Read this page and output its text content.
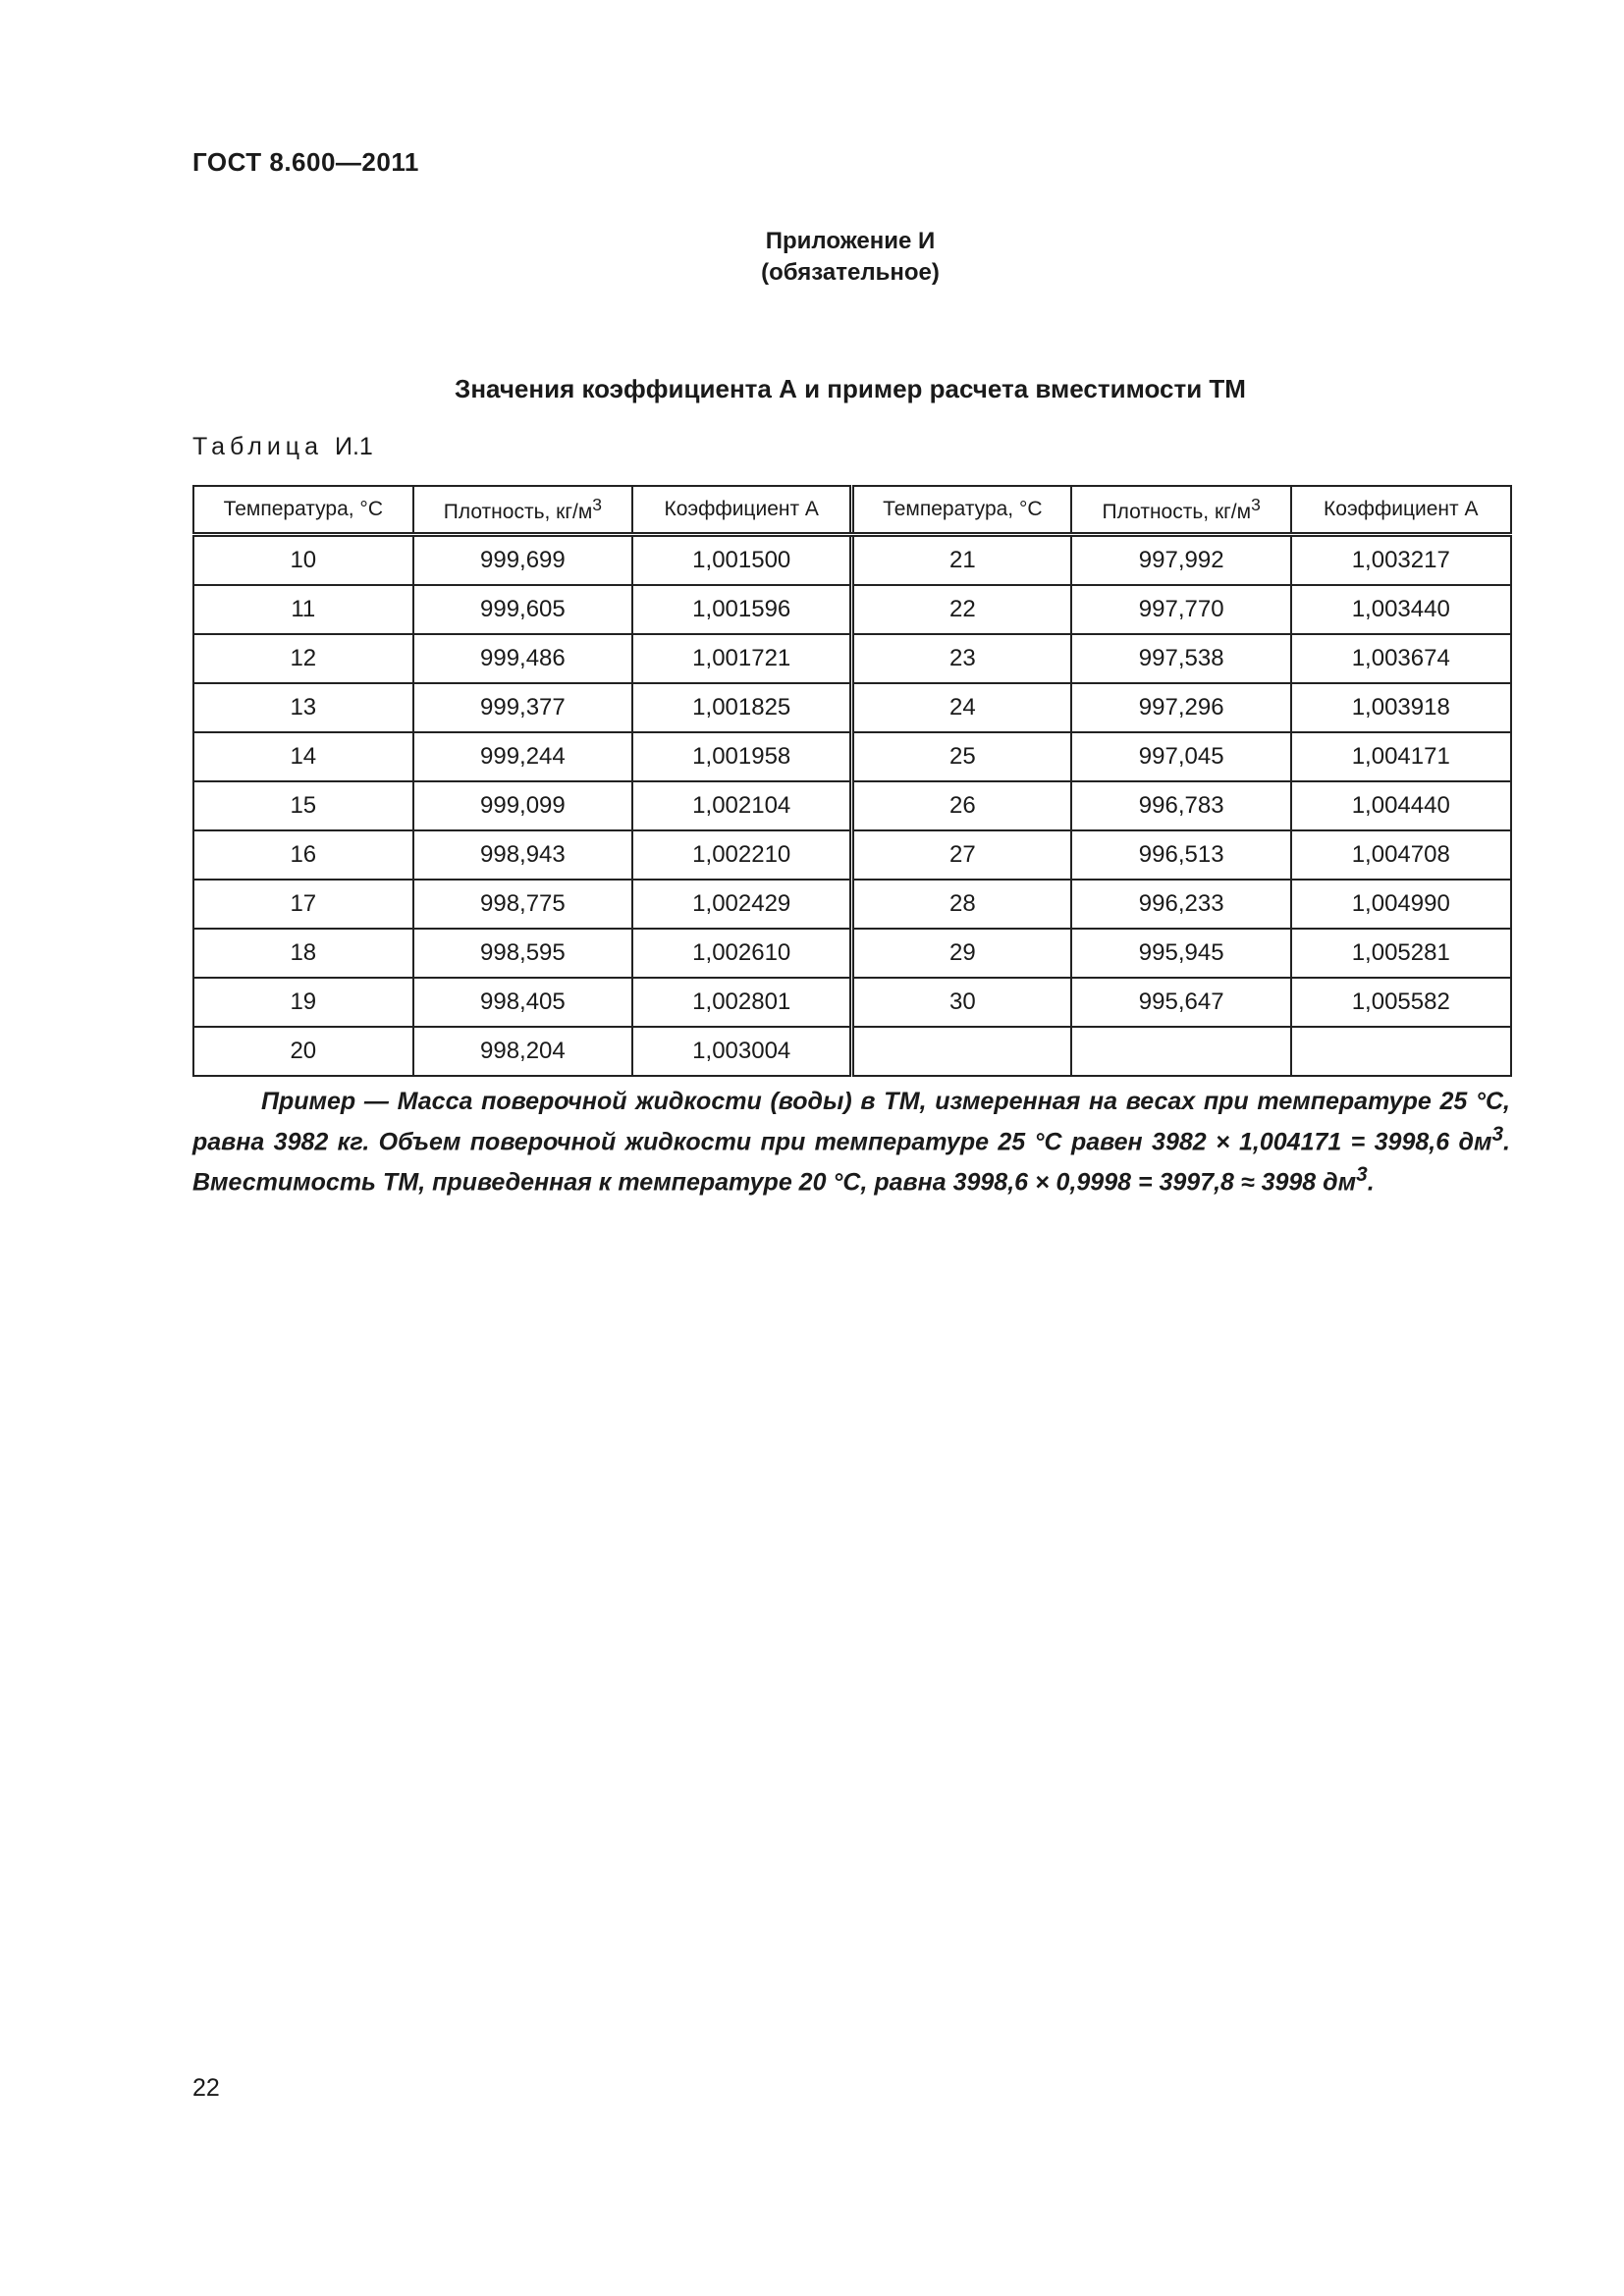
ГОСТ 8.600—2011
Приложение И
(обязательное)
Значения коэффициента А и пример расчета вместимости ТМ
Таблица И.1
Температура, °С	Плотность, $кг/м^3$	Коэффициент А	Температура, °С	Плотность, $кг/м^3$	Коэффициент А
10	999,699	1,001500	21	997,992	1,003217
11	999,605	1,001596	22	997,770	1,003440
12	999,486	1,001721	23	997,538	1,003674
13	999,377	1,001825	24	997,296	1,003918
14	999,244	1,001958	25	997,045	1,004171
15	999,099	1,002104	26	996,783	1,004440
16	998,943	1,002210	27	996,513	1,004708
17	998,775	1,002429	28	996,233	1,004990
18	998,595	1,002610	29	995,945	1,005281
19	998,405	1,002801	30	995,647	1,005582
20	998,204	1,003004			

Пример — Масса поверочной жидкости (воды) в ТМ, измеренная на весах при температуре 25 °С, равна 3982 кг. Объем поверочной жидкости при температуре 25 °С равен 3982 × 1,004171 = 3998,6 $дм^3$. Вместимость ТМ, приведенная к температуре 20 °С, равна 3998,6 × 0,9998 = 3997,8 ≈ 3998 $дм^3$.

22
